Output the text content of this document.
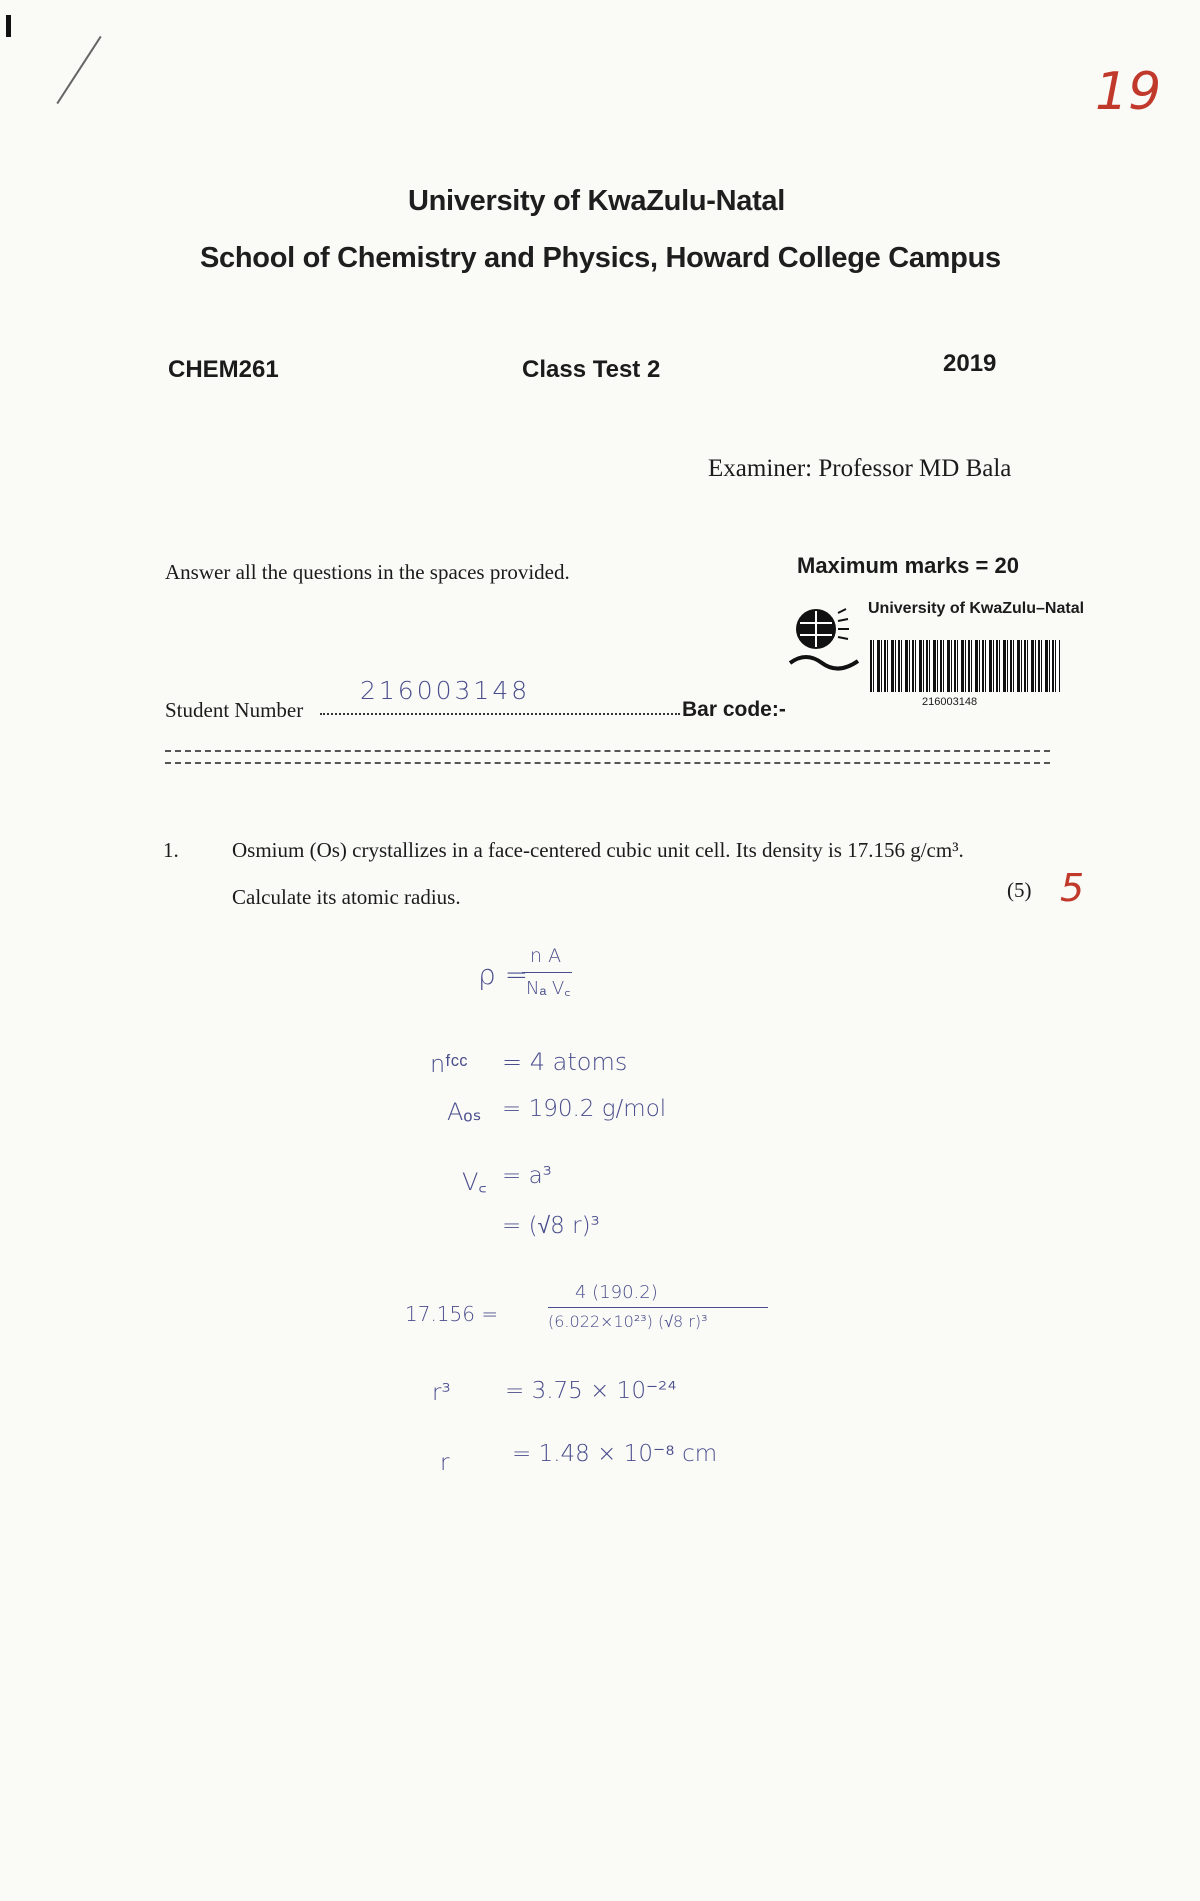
19
University of KwaZulu-Natal
School of Chemistry and Physics, Howard College Campus
CHEM261	Class Test 2	2019
Examiner: Professor MD Bala
Answer all the questions in the spaces provided.	Maximum marks = 20
University of KwaZulu–Natal
216003148
Student Number
216003148
Bar code:-
1.	Osmium (Os) crystallizes in a face-centered cubic unit cell. Its density is 17.156 g/cm³.
Calculate its atomic radius.	(5) 5
ρ =
n A
Nₐ V꜀
nᶠᶜᶜ = 4 atoms
Aₒₛ = 190.2 g/mol
V꜀ = a³
= (√8 r)³
17.156 =
4 (190.2)
(6.022×10²³) (√8 r)³
r³ = 3.75 × 10⁻²⁴
r	= 1.48 × 10⁻⁸ cm
